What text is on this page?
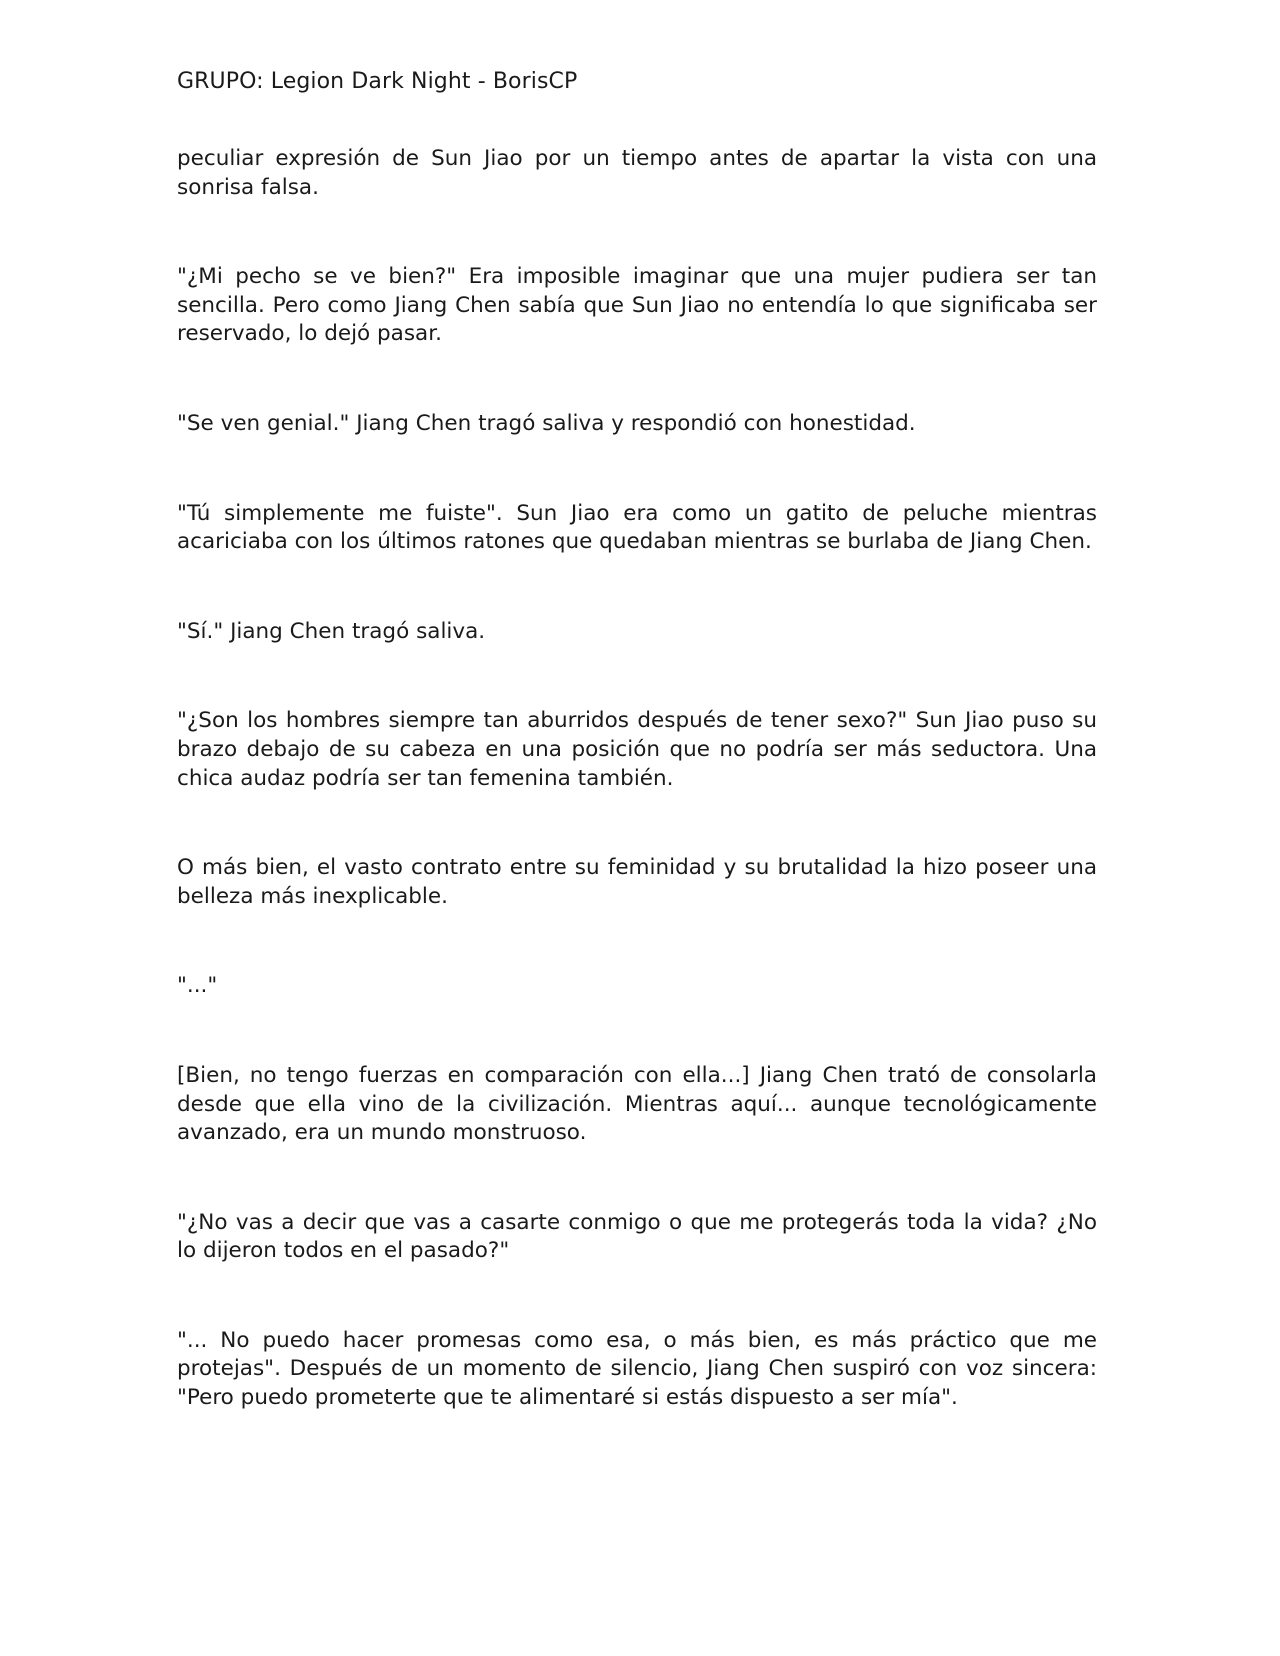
GRUPO: Legion Dark Night - BorisCP

peculiar expresión de Sun Jiao por un tiempo antes de apartar la vista con una sonrisa falsa.

"¿Mi pecho se ve bien?" Era imposible imaginar que una mujer pudiera ser tan sencilla. Pero como Jiang Chen sabía que Sun Jiao no entendía lo que significaba ser reservado, lo dejó pasar.

"Se ven genial." Jiang Chen tragó saliva y respondió con honestidad.

"Tú simplemente me fuiste". Sun Jiao era como un gatito de peluche mientras acariciaba con los últimos ratones que quedaban mientras se burlaba de Jiang Chen.

"Sí." Jiang Chen tragó saliva.

"¿Son los hombres siempre tan aburridos después de tener sexo?" Sun Jiao puso su brazo debajo de su cabeza en una posición que no podría ser más seductora. Una chica audaz podría ser tan femenina también.

O más bien, el vasto contrato entre su feminidad y su brutalidad la hizo poseer una belleza más inexplicable.

"..."

[Bien, no tengo fuerzas en comparación con ella...] Jiang Chen trató de consolarla desde que ella vino de la civilización. Mientras aquí... aunque tecnológicamente avanzado, era un mundo monstruoso.

"¿No vas a decir que vas a casarte conmigo o que me protegerás toda la vida? ¿No lo dijeron todos en el pasado?"

"... No puedo hacer promesas como esa, o más bien, es más práctico que me protejas". Después de un momento de silencio, Jiang Chen suspiró con voz sincera: "Pero puedo prometerte que te alimentaré si estás dispuesto a ser mía".
